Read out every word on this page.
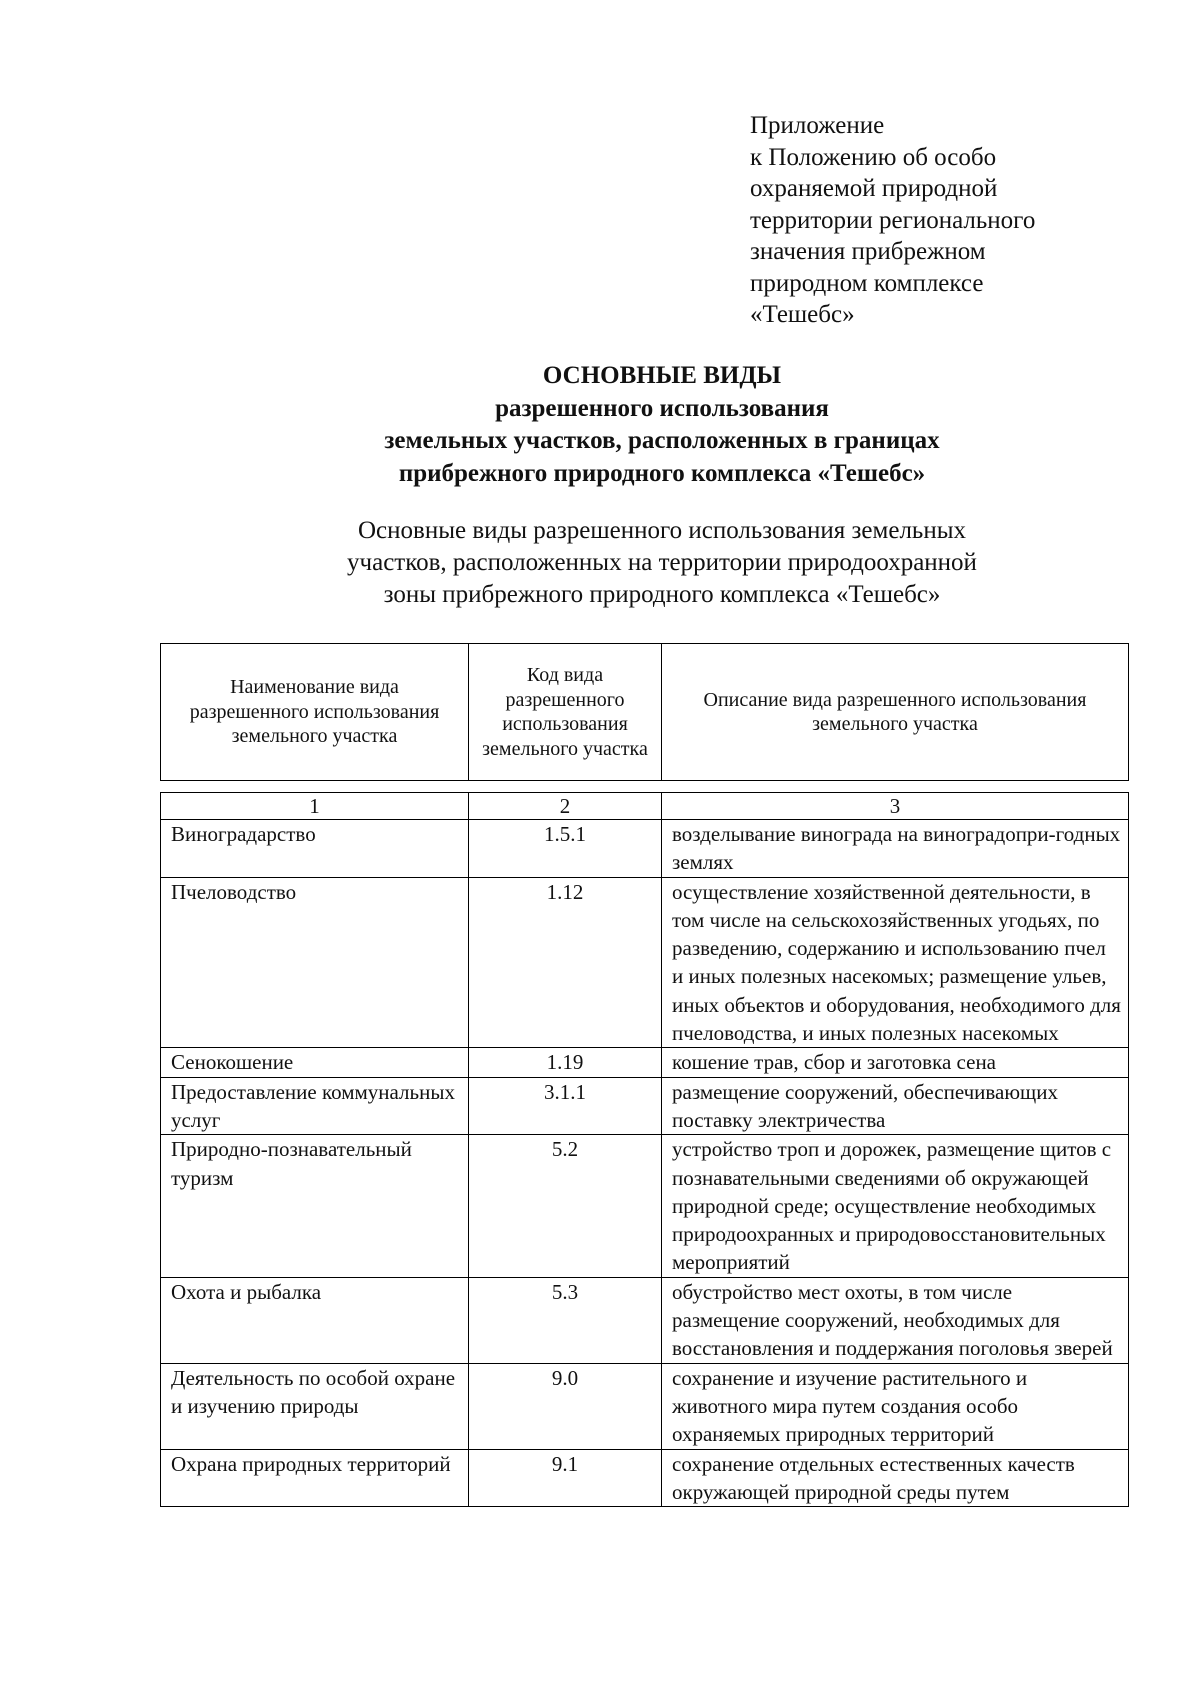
Приложение
к Положению об особо
охраняемой природной
территории регионального
значения прибрежном
природном комплексе
«Тешебс»
ОСНОВНЫЕ ВИДЫ
разрешенного использования
земельных участков, расположенных в границах
прибрежного природного комплекса «Тешебс»
Основные виды разрешенного использования земельных
участков, расположенных на территории природоохранной
зоны прибрежного природного комплекса «Тешебс»
Наименование вида разрешенного использования земельного участка	Код вида разрешенного использования земельного участка	Описание вида разрешенного использования земельного участка
1	2	3
Виноградарство	1.5.1	возделывание винограда на виноградопри-годных землях
Пчеловодство	1.12	осуществление хозяйственной деятельности, в том числе на сельскохозяйственных угодьях, по разведению, содержанию и использованию пчел и иных полезных насекомых; размещение ульев, иных объектов и оборудования, необходимого для пчеловодства, и иных полезных насекомых
Сенокошение	1.19	кошение трав, сбор и заготовка сена
Предоставление коммунальных услуг	3.1.1	размещение сооружений, обеспечивающих поставку электричества
Природно-познавательный туризм	5.2	устройство троп и дорожек, размещение щитов с познавательными сведениями об окружающей природной среде; осуществление необходимых природоохранных и природовосстановительных мероприятий
Охота и рыбалка	5.3	обустройство мест охоты, в том числе размещение сооружений, необходимых для восстановления и поддержания поголовья зверей
Деятельность по особой охране и изучению природы	9.0	сохранение и изучение растительного и животного мира путем создания особо охраняемых природных территорий
Охрана природных территорий	9.1	сохранение отдельных естественных качеств окружающей природной среды путем
